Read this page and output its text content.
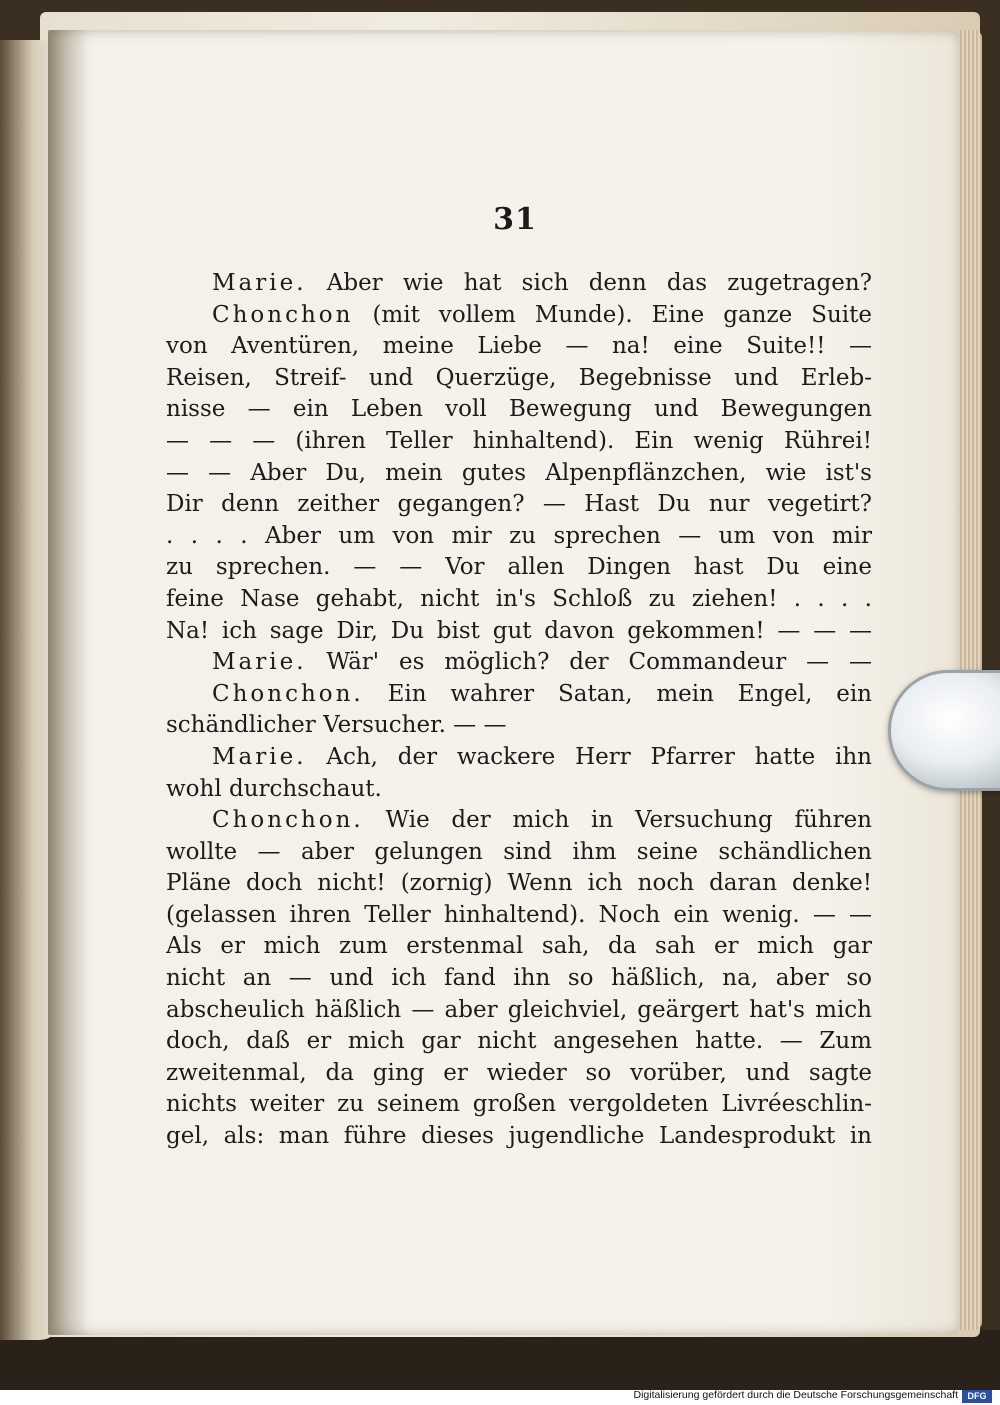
31
Marie. Aber wie hat sich denn das zugetragen?
Chonchon (mit vollem Munde). Eine ganze Suite
von Aventüren, meine Liebe — na! eine Suite!! —
Reisen, Streif- und Querzüge, Begebnisse und Erleb-
nisse — ein Leben voll Bewegung und Bewegungen
— — — (ihren Teller hinhaltend). Ein wenig Rührei!
— — Aber Du, mein gutes Alpenpflänzchen, wie ist's
Dir denn zeither gegangen? — Hast Du nur vegetirt?
. . . . Aber um von mir zu sprechen — um von mir
zu sprechen. — — Vor allen Dingen hast Du eine
feine Nase gehabt, nicht in's Schloß zu ziehen! . . . .
Na! ich sage Dir, Du bist gut davon gekommen! — — —
Marie. Wär' es möglich? der Commandeur — —
Chonchon. Ein wahrer Satan, mein Engel, ein
schändlicher Versucher. — —
Marie. Ach, der wackere Herr Pfarrer hatte ihn
wohl durchschaut.
Chonchon. Wie der mich in Versuchung führen
wollte — aber gelungen sind ihm seine schändlichen
Pläne doch nicht! (zornig) Wenn ich noch daran denke!
(gelassen ihren Teller hinhaltend). Noch ein wenig. — —
Als er mich zum erstenmal sah, da sah er mich gar
nicht an — und ich fand ihn so häßlich, na, aber so
abscheulich häßlich — aber gleichviel, geärgert hat's mich
doch, daß er mich gar nicht angesehen hatte. — Zum
zweitenmal, da ging er wieder so vorüber, und sagte
nichts weiter zu seinem großen vergoldeten Livréeschlin-
gel, als: man führe dieses jugendliche Landesprodukt in
Digitalisierung gefördert durch die Deutsche Forschungsgemeinschaft	DFG
